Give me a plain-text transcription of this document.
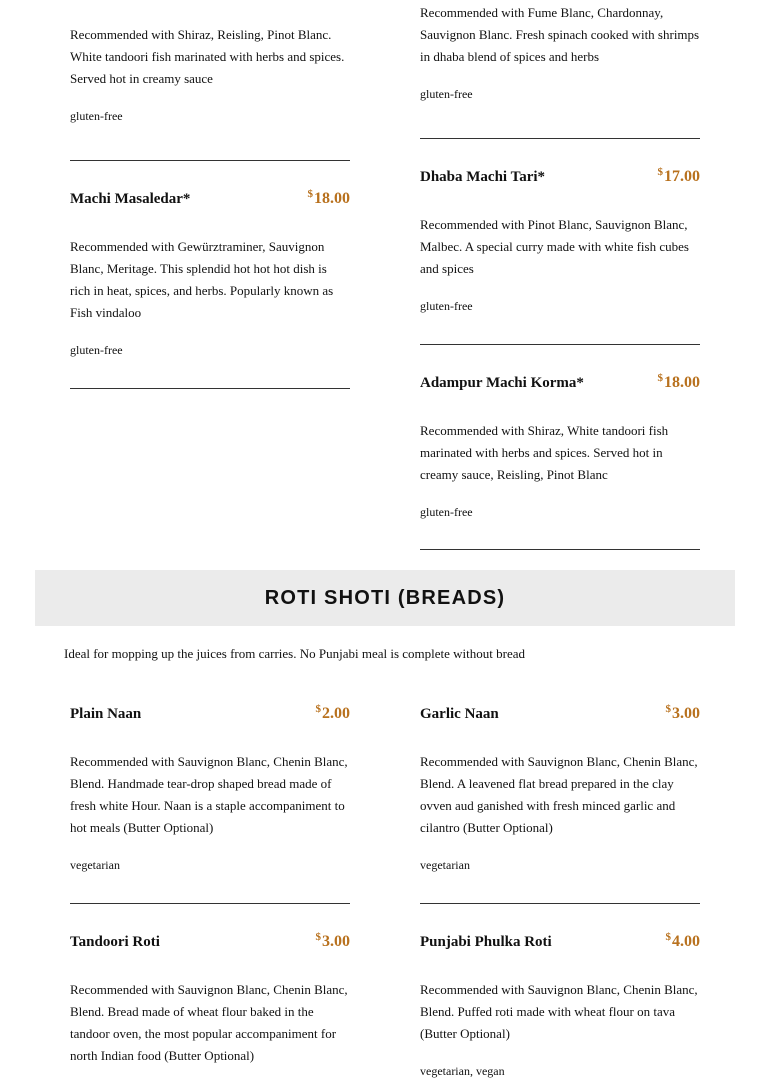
Recommended with Shiraz, Reisling, Pinot Blanc. White tandoori fish marinated with herbs and spices. Served hot in creamy sauce

gluten-free

Recommended with Fume Blanc, Chardonnay, Sauvignon Blanc. Fresh spinach cooked with shrimps in dhaba blend of spices and herbs

gluten-free
Machi Masaledar*	$18.00

Recommended with Gewürztraminer, Sauvignon Blanc, Meritage. This splendid hot hot hot dish is rich in heat, spices, and herbs. Popularly known as Fish vindaloo

gluten-free
Dhaba Machi Tari*	$17.00

Recommended with Pinot Blanc, Sauvignon Blanc, Malbec. A special curry made with white fish cubes and spices

gluten-free
Adampur Machi Korma*	$18.00

Recommended with Shiraz, White tandoori fish marinated with herbs and spices. Served hot in creamy sauce, Reisling, Pinot Blanc

gluten-free
ROTI SHOTI (BREADS)
Ideal for mopping up the juices from carries. No Punjabi meal is complete without bread
Plain Naan	$2.00

Recommended with Sauvignon Blanc, Chenin Blanc, Blend. Handmade tear-drop shaped bread made of fresh white Hour. Naan is a staple accompaniment to hot meals (Butter Optional)

vegetarian
Garlic Naan	$3.00

Recommended with Sauvignon Blanc, Chenin Blanc, Blend. A leavened flat bread prepared in the clay ovven aud ganished with fresh minced garlic and cilantro (Butter Optional)

vegetarian
Tandoori Roti	$3.00

Recommended with Sauvignon Blanc, Chenin Blanc, Blend. Bread made of wheat flour baked in the tandoor oven, the most popular accompaniment for north Indian food (Butter Optional)

Punjabi Phulka Roti	$4.00

Recommended with Sauvignon Blanc, Chenin Blanc, Blend. Puffed roti made with wheat flour on tava (Butter Optional)

vegetarian, vegan
